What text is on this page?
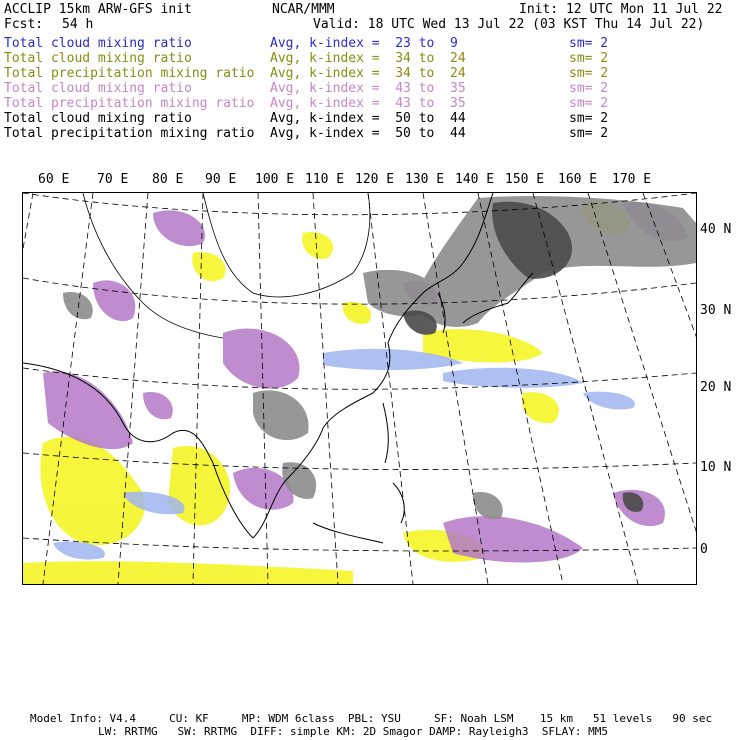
ACCLIP 15km ARW-GFS init	NCAR/MMM	Init: 12 UTC Mon 11 Jul 22
Fcst: 54 h	Valid: 18 UTC Wed 13 Jul 22 (03 KST Thu 14 Jul 22)
Total cloud mixing ratio	Avg, k-index =  23 to  9	sm= 2
Total cloud mixing ratio	Avg, k-index =  34 to  24	sm= 2
Total precipitation mixing ratio Avg, k-index =  34 to  24	sm= 2
Total cloud mixing ratio	Avg, k-index =  43 to  35	sm= 2
Total precipitation mixing ratio Avg, k-index =  43 to  35	sm= 2
Total cloud mixing ratio	Avg, k-index =  50 to  44	sm= 2
Total precipitation mixing ratio Avg, k-index =  50 to  44	sm= 2
60 E 70 E 80 E 90 E 100 E 110 E 120 E 130 E 140 E 150 E 160 E 170 E
40 N
30 N
20 N
10 N
0
Model Info: V4.4     CU: KF     MP: WDM 6class  PBL: YSU     SF: Noah LSM    15 km   51 levels   90 sec
LW: RRTMG   SW: RRTMG  DIFF: simple KM: 2D Smagor DAMP: Rayleigh3  SFLAY: MM5
